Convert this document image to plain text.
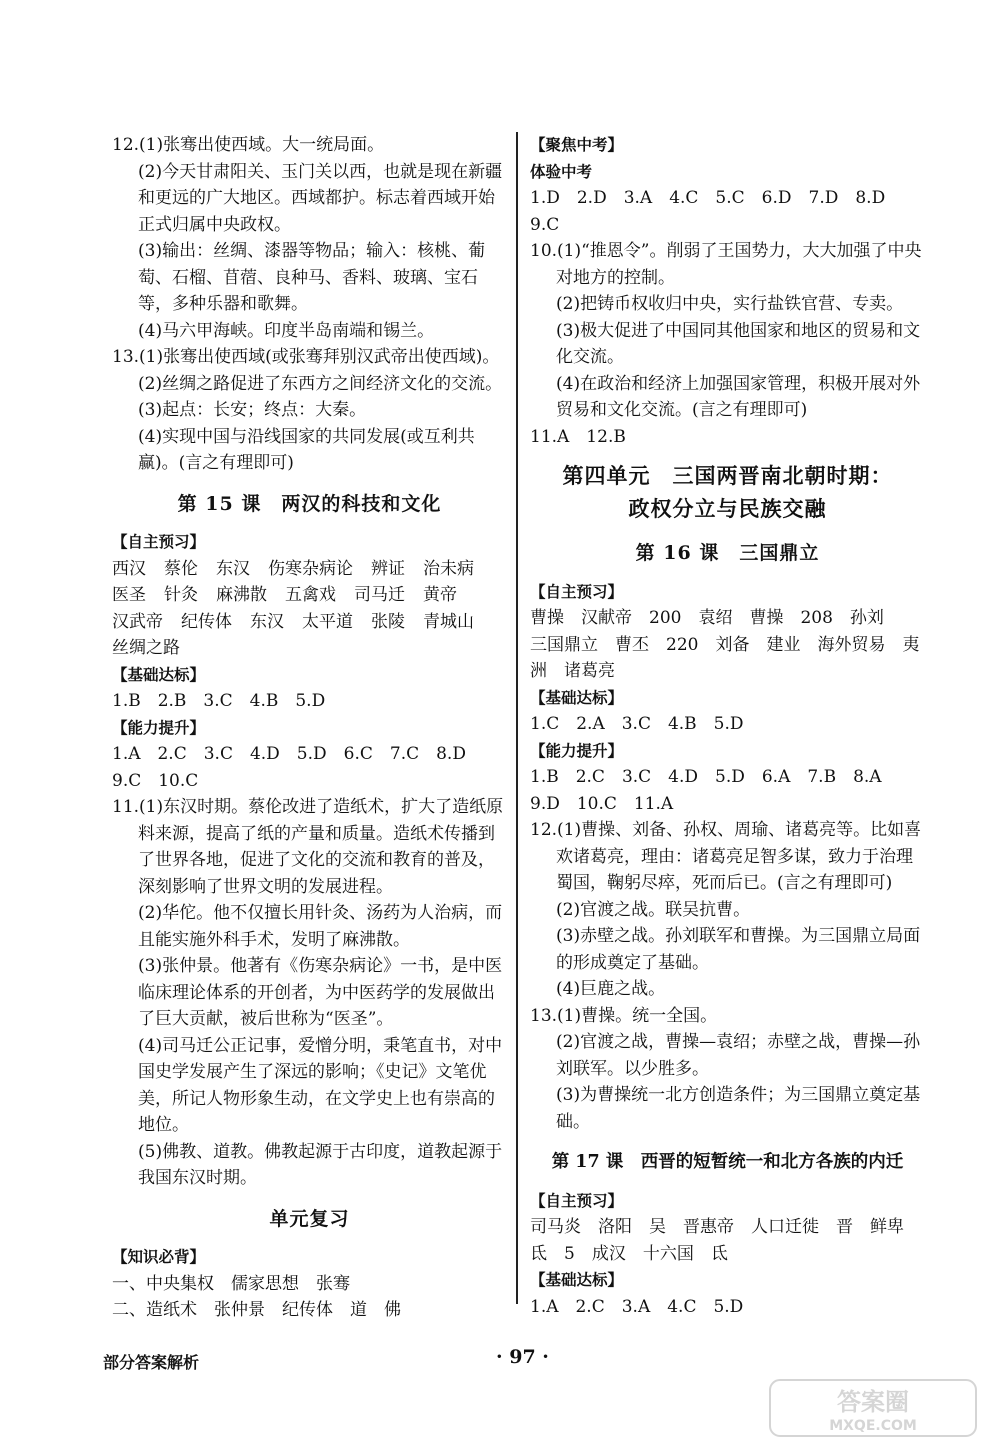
12.(1)张骞出使西域。大一统局面。

(2)今天甘肃阳关、玉门关以西，也就是现在新疆和更远的广大地区。西域都护。标志着西域开始正式归属中央政权。

(3)输出：丝绸、漆器等物品；输入：核桃、葡萄、石榴、苜蓿、良种马、香料、玻璃、宝石等，多种乐器和歌舞。

(4)马六甲海峡。印度半岛南端和锡兰。

13.(1)张骞出使西域(或张骞拜别汉武帝出使西域)。

(2)丝绸之路促进了东西方之间经济文化的交流。

(3)起点：长安；终点：大秦。

(4)实现中国与沿线国家的共同发展(或互利共赢)。(言之有理即可)

第 15 课　两汉的科技和文化
【自主预习】
西汉 蔡伦 东汉 伤寒杂病论 辨证 治未病医圣 针灸 麻沸散 五禽戏 司马迁 黄帝汉武帝 纪传体 东汉 太平道 张陵 青城山丝绸之路
【基础达标】

1.B　2.B　3.C　4.B　5.D

【能力提升】

1.A　2.C　3.C　4.D　5.D　6.C　7.C　8.D

9.C　10.C

11.(1)东汉时期。蔡伦改进了造纸术，扩大了造纸原料来源，提高了纸的产量和质量。造纸术传播到了世界各地，促进了文化的交流和教育的普及，深刻影响了世界文明的发展进程。

(2)华佗。他不仅擅长用针灸、汤药为人治病，而且能实施外科手术，发明了麻沸散。

(3)张仲景。他著有《伤寒杂病论》一书，是中医临床理论体系的开创者，为中医药学的发展做出了巨大贡献，被后世称为“医圣”。

(4)司马迁公正记事，爱憎分明，秉笔直书，对中国史学发展产生了深远的影响；《史记》文笔优美，所记人物形象生动，在文学史上也有崇高的地位。

(5)佛教、道教。佛教起源于古印度，道教起源于我国东汉时期。

单元复习
【知识必背】

一、中央集权　儒家思想　张骞

二、造纸术　张仲景　纪传体　道　佛

【聚焦中考】
体验中考

1.D　2.D　3.A　4.C　5.C　6.D　7.D　8.D

9.C

10.(1)“推恩令”。削弱了王国势力，大大加强了中央对地方的控制。

(2)把铸币权收归中央，实行盐铁官营、专卖。

(3)极大促进了中国同其他国家和地区的贸易和文化交流。

(4)在政治和经济上加强国家管理，积极开展对外贸易和文化交流。(言之有理即可)

11.A　12.B

第四单元　三国两晋南北朝时期：
政权分立与民族交融
第 16 课　三国鼎立
【自主预习】

曹操　汉献帝　200　袁绍　曹操　208　孙刘

三国鼎立　曹丕　220　刘备　建业　海外贸易　夷

洲　诸葛亮

【基础达标】

1.C　2.A　3.C　4.B　5.D

【能力提升】

1.B　2.C　3.C　4.D　5.D　6.A　7.B　8.A

9.D　10.C　11.A

12.(1)曹操、刘备、孙权、周瑜、诸葛亮等。比如喜欢诸葛亮，理由：诸葛亮足智多谋，致力于治理蜀国，鞠躬尽瘁，死而后已。(言之有理即可)

(2)官渡之战。联吴抗曹。

(3)赤壁之战。孙刘联军和曹操。为三国鼎立局面的形成奠定了基础。

(4)巨鹿之战。

13.(1)曹操。统一全国。

(2)官渡之战，曹操—袁绍；赤壁之战，曹操—孙刘联军。以少胜多。

(3)为曹操统一北方创造条件；为三国鼎立奠定基础。

第 17 课　西晋的短暂统一和北方各族的内迁
【自主预习】

司马炎　洛阳　吴　晋惠帝　人口迁徙　晋　鲜卑

氐　5　成汉　十六国　氐

【基础达标】

1.A　2.C　3.A　4.C　5.D

部分答案解析	· 97 ·
答案圈
MXQE.COM
